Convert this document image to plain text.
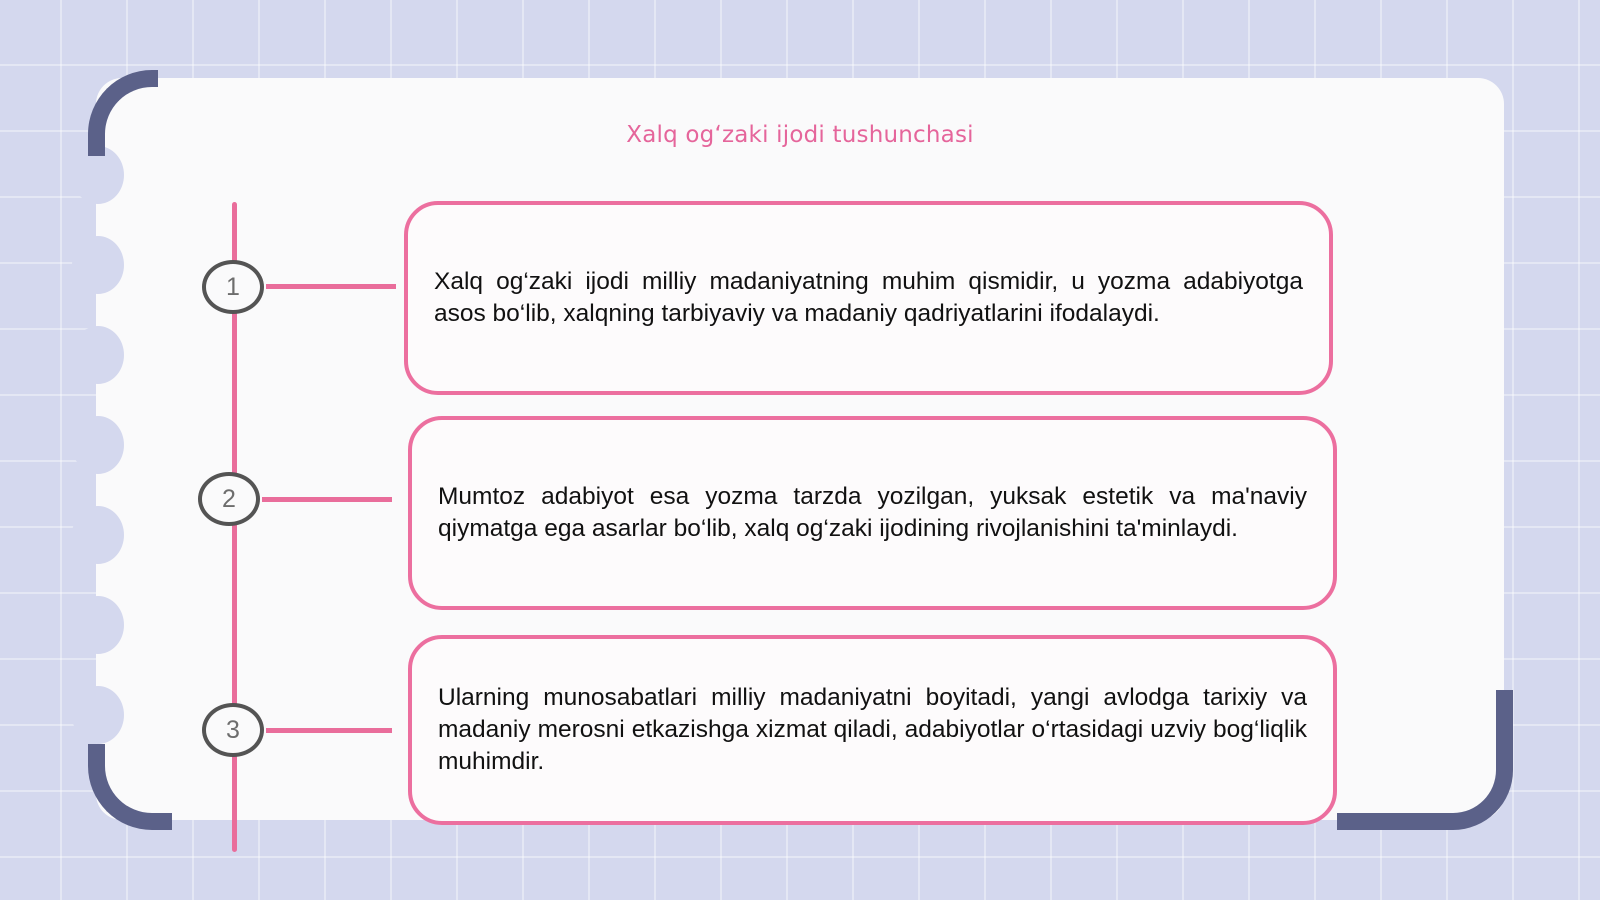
Xalq ogʻzaki ijodi tushunchasi
Xalq og‘zaki ijodi milliy madaniyatning muhim qismidir, u yozma adabiyotga asos bo‘lib, xalqning tarbiyaviy va madaniy qadriyatlarini ifodalaydi.
1
Mumtoz adabiyot esa yozma tarzda yozilgan, yuksak estetik va ma'naviy qiymatga ega asarlar bo‘lib, xalq og‘zaki ijodining rivojlanishini ta'minlaydi.
2
Ularning munosabatlari milliy madaniyatni boyitadi, yangi avlodga tarixiy va madaniy merosni etkazishga xizmat qiladi, adabiyotlar o‘rtasidagi uzviy bog‘liqlik muhimdir.
3
